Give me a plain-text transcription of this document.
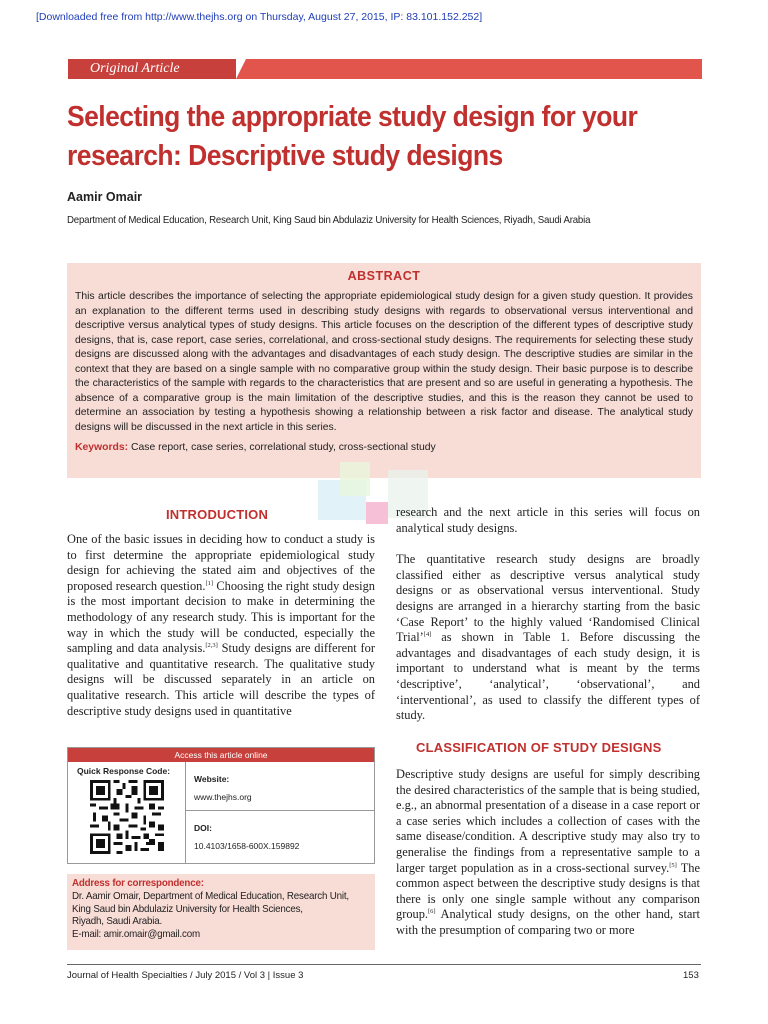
[Downloaded free from http://www.thejhs.org on Thursday, August 27, 2015, IP: 83.101.152.252]
Original Article
Selecting the appropriate study design for your research: Descriptive study designs
Aamir Omair
Department of Medical Education, Research Unit, King Saud bin Abdulaziz University for Health Sciences, Riyadh, Saudi Arabia
ABSTRACT
This article describes the importance of selecting the appropriate epidemiological study design for a given study question. It provides an explanation to the different terms used in describing study designs with regards to observational versus interventional and descriptive versus analytical types of study designs. This article focuses on the description of the different types of descriptive study designs, that is, case report, case series, correlational, and cross-sectional study designs. The requirements for selecting these study designs are discussed along with the advantages and disadvantages of each study design. The descriptive studies are similar in the context that they are based on a single sample with no comparative group within the study design. Their basic purpose is to describe the characteristics of the sample with regards to the characteristics that are present and so are useful in generating a hypothesis. The absence of a comparative group is the main limitation of the descriptive studies, and this is the reason they cannot be used to determine an association by testing a hypothesis showing a relationship between a risk factor and disease. The analytical study designs will be discussed in the next article in this series.
Keywords: Case report, case series, correlational study, cross-sectional study
INTRODUCTION

One of the basic issues in deciding how to conduct a study is to first determine the appropriate epidemiological study design for achieving the stated aim and objectives of the proposed research question.[1] Choosing the right study design is the most important decision to make in determining the methodology of any research study. This is important for the way in which the study will be conducted, especially the sampling and data analysis.[2,3] Study designs are different for qualitative and quantitative research. The qualitative study designs will be discussed separately in an article on qualitative research. This article will describe the types of descriptive study designs used in quantitative

Access this article online
Quick Response Code:
Website:
www.thejhs.org
DOI:
10.4103/1658-600X.159892
Address for correspondence:
Dr. Aamir Omair, Department of Medical Education, Research Unit,
King Saud bin Abdulaziz University for Health Sciences,
Riyadh, Saudi Arabia.
E-mail: amir.omair@gmail.com

research and the next article in this series will focus on analytical study designs.

The quantitative research study designs are broadly classified either as descriptive versus analytical study designs or as observational versus interventional. Study designs are arranged in a hierarchy starting from the basic ‘Case Report’ to the highly valued ‘Randomised Clinical Trial’[4] as shown in Table 1. Before discussing the advantages and disadvantages of each study design, it is important to understand what is meant by the terms ‘descriptive’, ‘analytical’, ‘observational’, and ‘interventional’, as used to classify the different types of study.

CLASSIFICATION OF STUDY DESIGNS

Descriptive study designs are useful for simply describing the desired characteristics of the sample that is being studied, e.g., an abnormal presentation of a disease in a case report or a case series which includes a collection of cases with the same disease/condition. A descriptive study may also try to generalise the findings from a representative sample to a larger target population as in a cross-sectional survey.[5] The common aspect between the descriptive study designs is that there is only one single sample without any comparison group.[6] Analytical study designs, on the other hand, start with the presumption of comparing two or more

Journal of Health Specialties / July 2015 / Vol 3 | Issue 3	153
